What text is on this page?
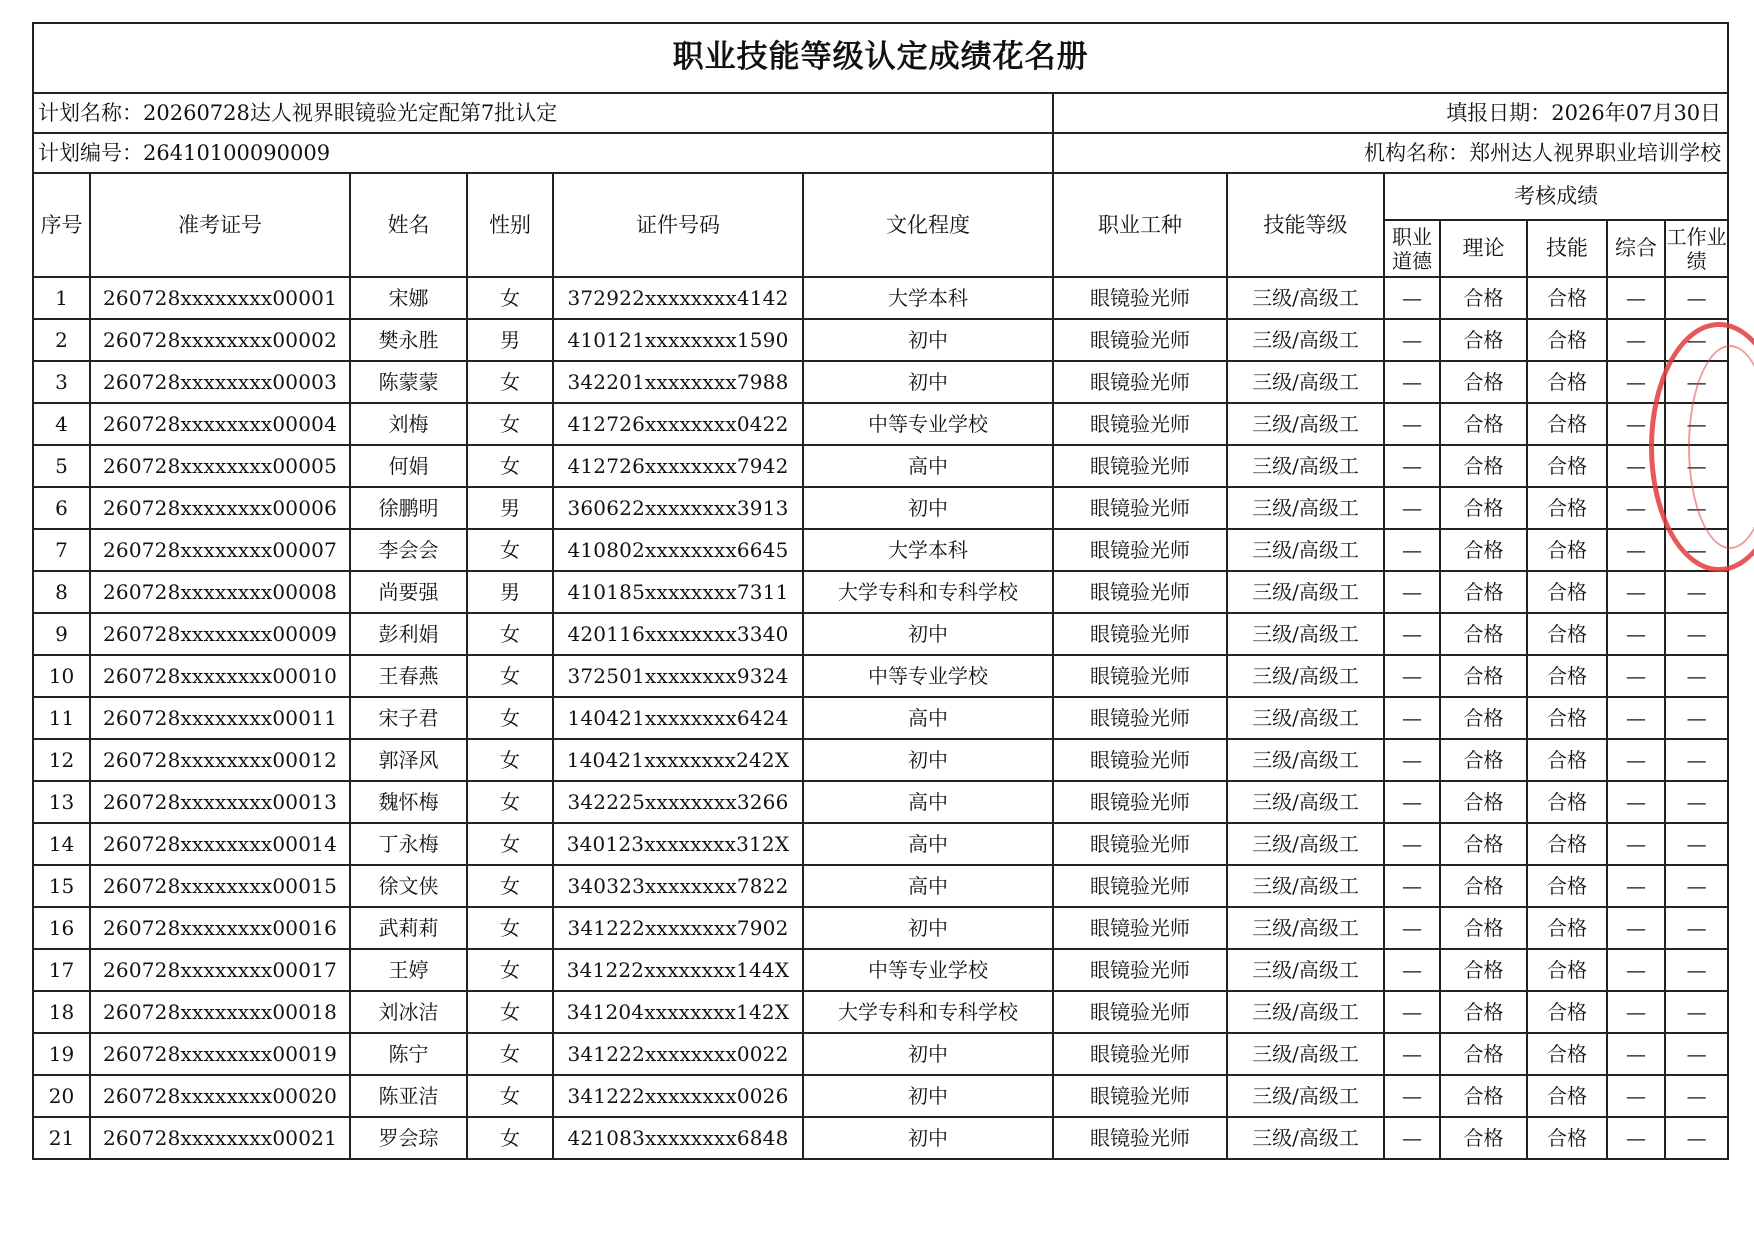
职业技能等级认定成绩花名册												
计划名称：20260728达人视界眼镜验光定配第7批认定						填报日期：2026年07月30日						
计划编号：26410100090009						机构名称：郑州达人视界职业培训学校						
序号	准考证号	姓名	性别	证件号码	文化程度	职业工种	技能等级	考核成绩				
								职业道德	理论	技能	综合	工作业绩
1	260728xxxxxxxx00001	宋娜	女	372922xxxxxxxx4142	大学本科	眼镜验光师	三级/高级工	—	合格	合格	—	—
2	260728xxxxxxxx00002	樊永胜	男	410121xxxxxxxx1590	初中	眼镜验光师	三级/高级工	—	合格	合格	—	—
3	260728xxxxxxxx00003	陈蒙蒙	女	342201xxxxxxxx7988	初中	眼镜验光师	三级/高级工	—	合格	合格	—	—
4	260728xxxxxxxx00004	刘梅	女	412726xxxxxxxx0422	中等专业学校	眼镜验光师	三级/高级工	—	合格	合格	—	—
5	260728xxxxxxxx00005	何娟	女	412726xxxxxxxx7942	高中	眼镜验光师	三级/高级工	—	合格	合格	—	—
6	260728xxxxxxxx00006	徐鹏明	男	360622xxxxxxxx3913	初中	眼镜验光师	三级/高级工	—	合格	合格	—	—
7	260728xxxxxxxx00007	李会会	女	410802xxxxxxxx6645	大学本科	眼镜验光师	三级/高级工	—	合格	合格	—	—
8	260728xxxxxxxx00008	尚要强	男	410185xxxxxxxx7311	大学专科和专科学校	眼镜验光师	三级/高级工	—	合格	合格	—	—
9	260728xxxxxxxx00009	彭利娟	女	420116xxxxxxxx3340	初中	眼镜验光师	三级/高级工	—	合格	合格	—	—
10	260728xxxxxxxx00010	王春燕	女	372501xxxxxxxx9324	中等专业学校	眼镜验光师	三级/高级工	—	合格	合格	—	—
11	260728xxxxxxxx00011	宋子君	女	140421xxxxxxxx6424	高中	眼镜验光师	三级/高级工	—	合格	合格	—	—
12	260728xxxxxxxx00012	郭泽风	女	140421xxxxxxxx242X	初中	眼镜验光师	三级/高级工	—	合格	合格	—	—
13	260728xxxxxxxx00013	魏怀梅	女	342225xxxxxxxx3266	高中	眼镜验光师	三级/高级工	—	合格	合格	—	—
14	260728xxxxxxxx00014	丁永梅	女	340123xxxxxxxx312X	高中	眼镜验光师	三级/高级工	—	合格	合格	—	—
15	260728xxxxxxxx00015	徐文侠	女	340323xxxxxxxx7822	高中	眼镜验光师	三级/高级工	—	合格	合格	—	—
16	260728xxxxxxxx00016	武莉莉	女	341222xxxxxxxx7902	初中	眼镜验光师	三级/高级工	—	合格	合格	—	—
17	260728xxxxxxxx00017	王婷	女	341222xxxxxxxx144X	中等专业学校	眼镜验光师	三级/高级工	—	合格	合格	—	—
18	260728xxxxxxxx00018	刘冰洁	女	341204xxxxxxxx142X	大学专科和专科学校	眼镜验光师	三级/高级工	—	合格	合格	—	—
19	260728xxxxxxxx00019	陈宁	女	341222xxxxxxxx0022	初中	眼镜验光师	三级/高级工	—	合格	合格	—	—
20	260728xxxxxxxx00020	陈亚洁	女	341222xxxxxxxx0026	初中	眼镜验光师	三级/高级工	—	合格	合格	—	—
21	260728xxxxxxxx00021	罗会琮	女	421083xxxxxxxx6848	初中	眼镜验光师	三级/高级工	—	合格	合格	—	—
